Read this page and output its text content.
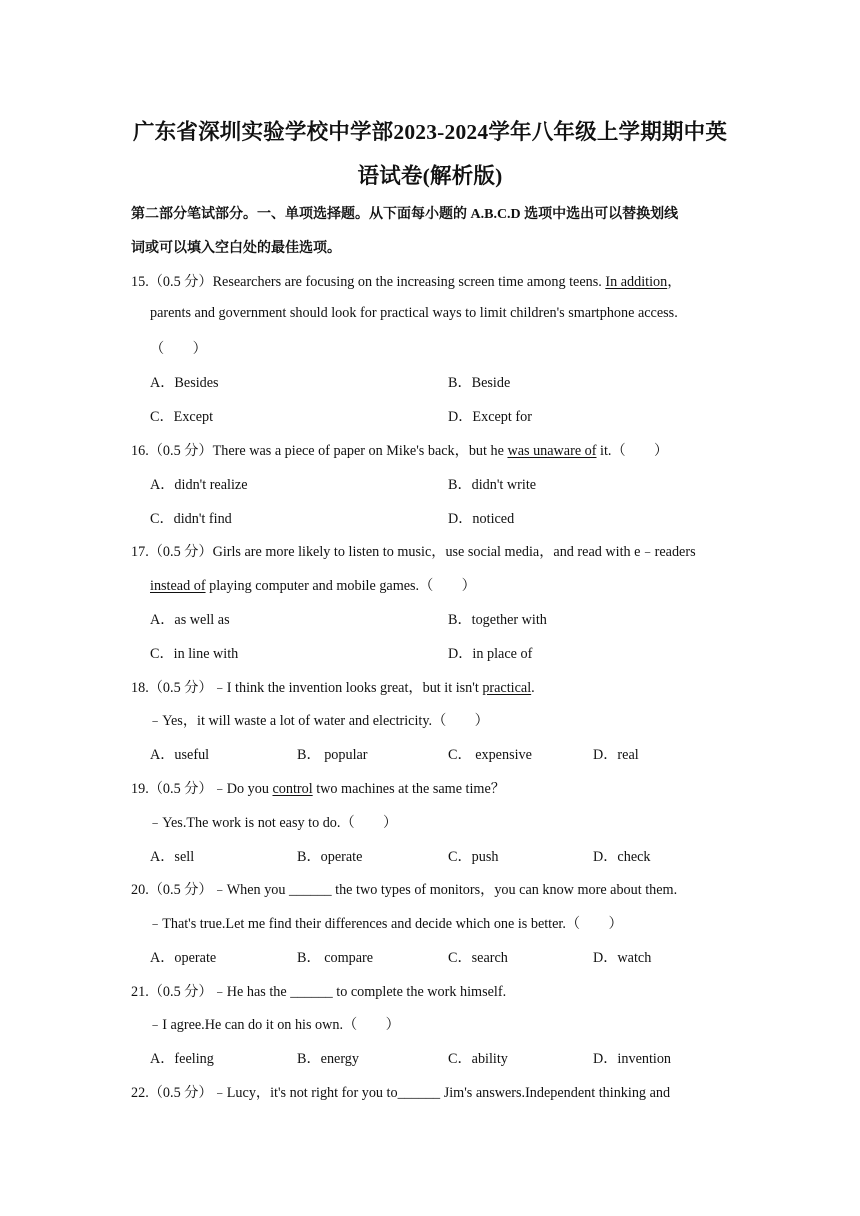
广东省深圳实验学校中学部2023-2024学年八年级上学期期中英
语试卷(解析版)
第二部分笔试部分。一、单项选择题。从下面每小题的 A.B.C.D 选项中选出可以替换划线
词或可以填入空白处的最佳选项。
15.（0.5 分）Researchers are focusing on the increasing screen time among teens. In addition，
parents and government should look for practical ways to limit children's smartphone access.
（　　）
A．Besides	B．Beside
C．Except	D．Except for
16.（0.5 分）There was a piece of paper on Mike's back，but he was unaware of it.（　　）
A．didn't realize	B．didn't write
C．didn't find	D．noticed
17.（0.5 分）Girls are more likely to listen to music，use social media，and read with e﹣readers
instead of playing computer and mobile games.（　　）
A．as well as	B．together with
C．in line with	D．in place of
18.（0.5 分）﹣I think the invention looks great，but it isn't practical.
﹣Yes，it will waste a lot of water and electricity.（　　）
A．useful	B． popular	C． expensive	D．real
19.（0.5 分）﹣Do you control two machines at the same time？
﹣Yes.The work is not easy to do.（　　）
A．sell	B．operate	C．push	D．check
20.（0.5 分）﹣When you ______ the two types of monitors，you can know more about them.
﹣That's true.Let me find their differences and decide which one is better.（　　）
A．operate	B． compare	C．search	D．watch
21.（0.5 分）﹣He has the ______ to complete the work himself.
﹣I agree.He can do it on his own.（　　）
A．feeling	B．energy	C．ability	D．invention
22.（0.5 分）﹣Lucy，it's not right for you to______ Jim's answers.Independent thinking and
